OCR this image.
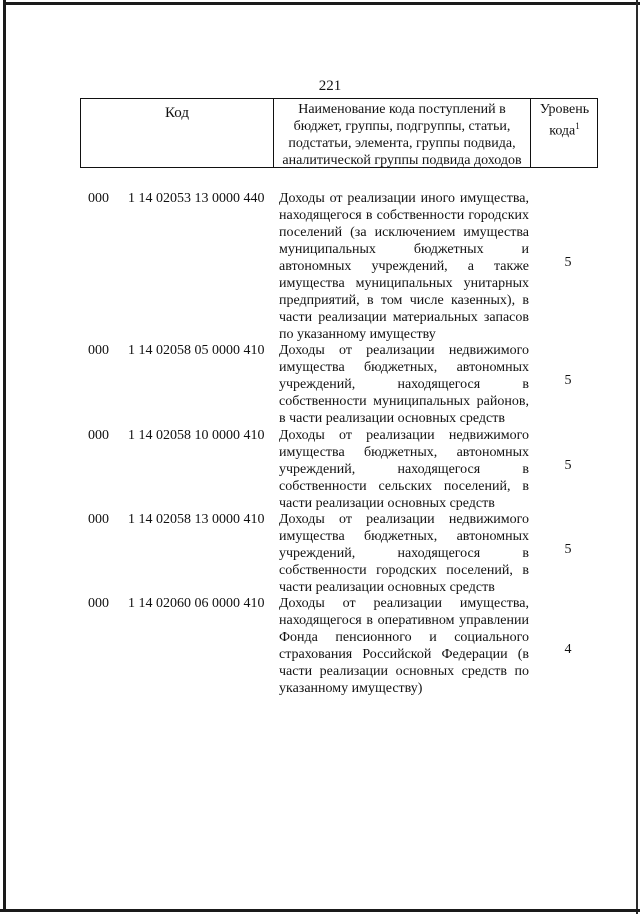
221
Код	Наименование кода поступлений в бюджет, группы, подгруппы, статьи, подстатьи, элемента, группы подвида, аналитической группы подвида доходов
Уровень кода$^1$
000 1 14 02053 13 0000 440 Доходы от реализации иного имущества, находящегося в собственности городских поселений (за исключением имущества муниципальных бюджетных и автономных учреждений, а также имущества муниципальных унитарных предприятий, в том числе казенных), в части реализации материальных запасов по указанному имуществу
5
000 1 14 02058 05 0000 410 Доходы от реализации недвижимого имущества бюджетных, автономных учреждений, находящегося в собственности муниципальных районов, в части реализации основных средств
5
000 1 14 02058 10 0000 410 Доходы от реализации недвижимого имущества бюджетных, автономных учреждений, находящегося в собственности сельских поселений, в части реализации основных средств
5
000 1 14 02058 13 0000 410 Доходы от реализации недвижимого имущества бюджетных, автономных учреждений, находящегося в собственности городских поселений, в части реализации основных средств
5
000 1 14 02060 06 0000 410 Доходы от реализации имущества, находящегося в оперативном управлении Фонда пенсионного и социального страхования Российской Федерации (в части реализации основных средств по указанному имуществу)
4
